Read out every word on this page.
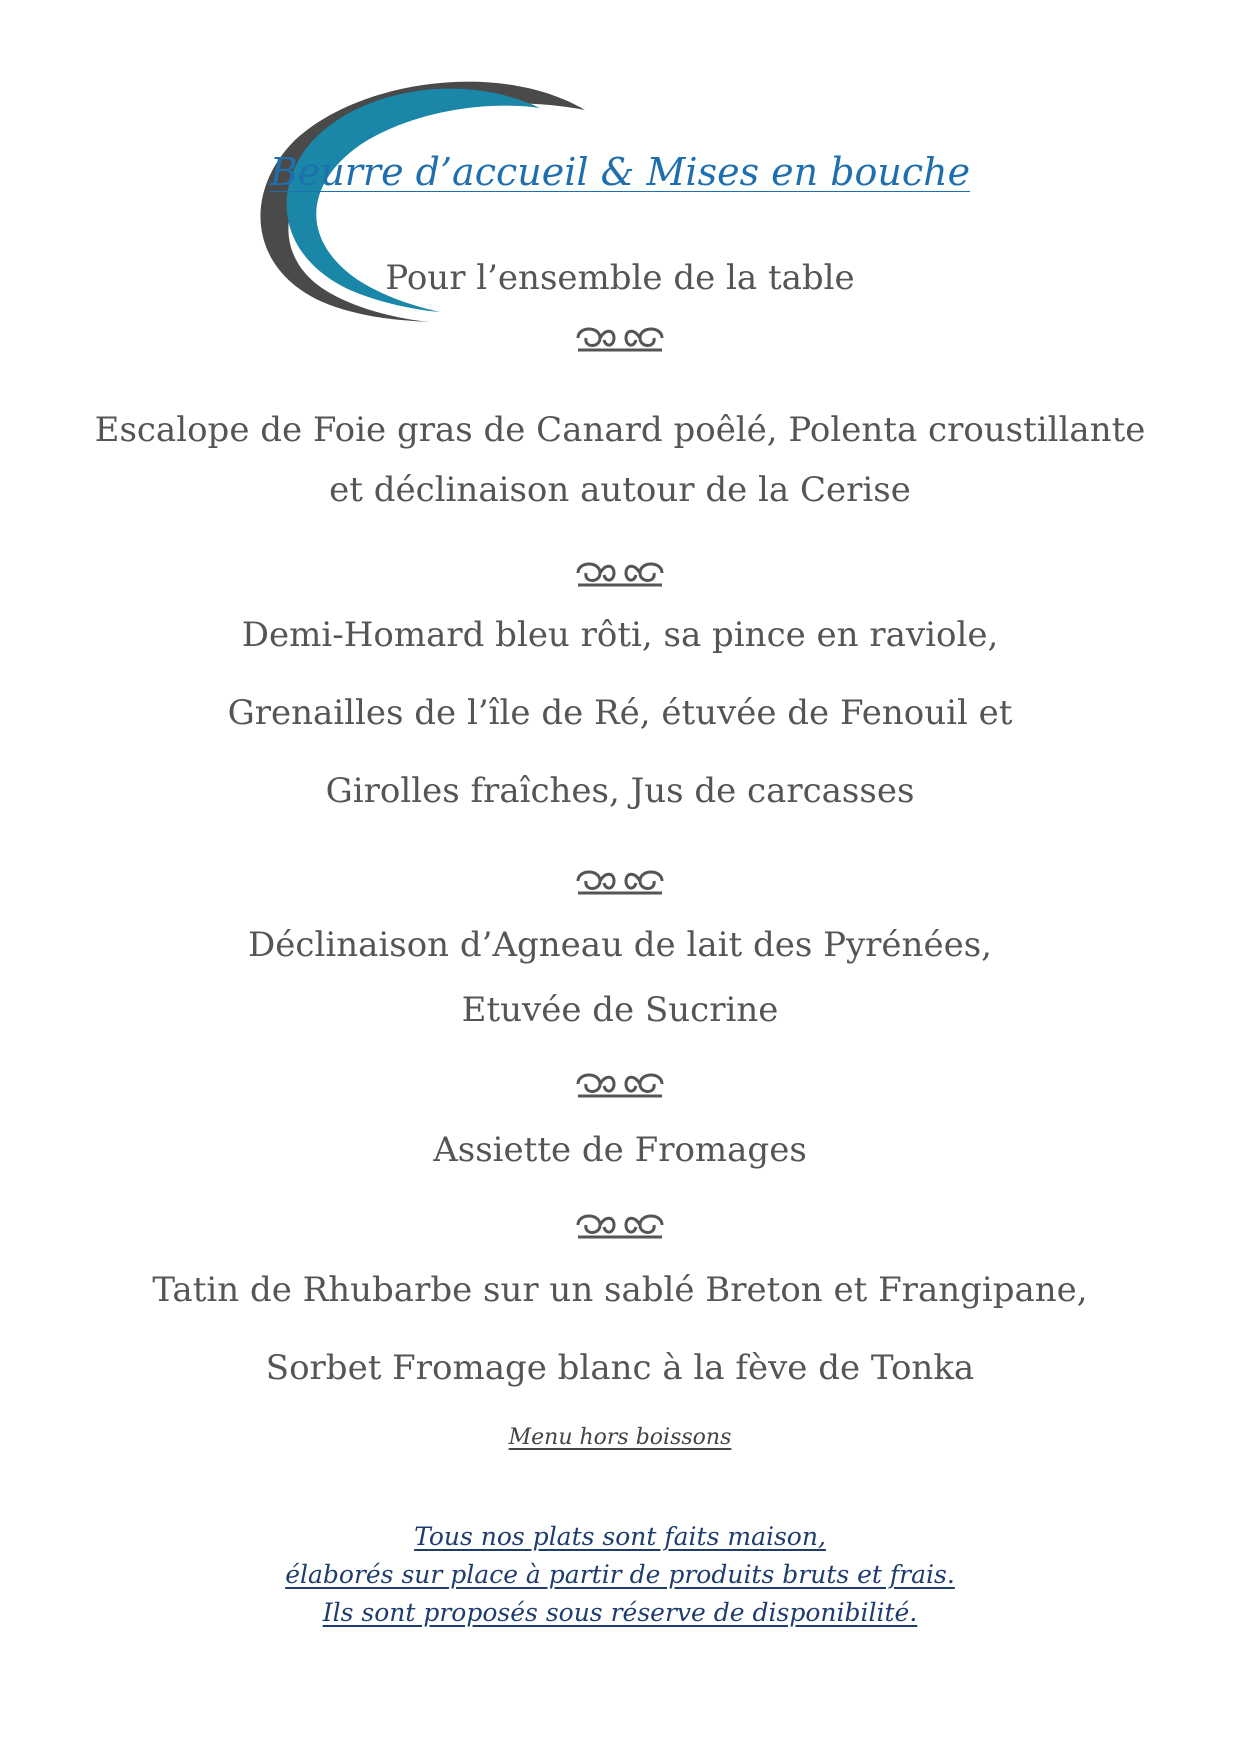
Beurre d’accueil & Mises en bouche
Pour l’ensemble de la table
Escalope de Foie gras de Canard poêlé, Polenta croustillante
et déclinaison autour de la Cerise
Demi-Homard bleu rôti, sa pince en raviole,
Grenailles de l’île de Ré, étuvée de Fenouil et
Girolles fraîches, Jus de carcasses
Déclinaison d’Agneau de lait des Pyrénées,
Etuvée de Sucrine
Assiette de Fromages
Tatin de Rhubarbe sur un sablé Breton et Frangipane,
Sorbet Fromage blanc à la fève de Tonka
Menu hors boissons
Tous nos plats sont faits maison,
élaborés sur place à partir de produits bruts et frais.
Ils sont proposés sous réserve de disponibilité.
